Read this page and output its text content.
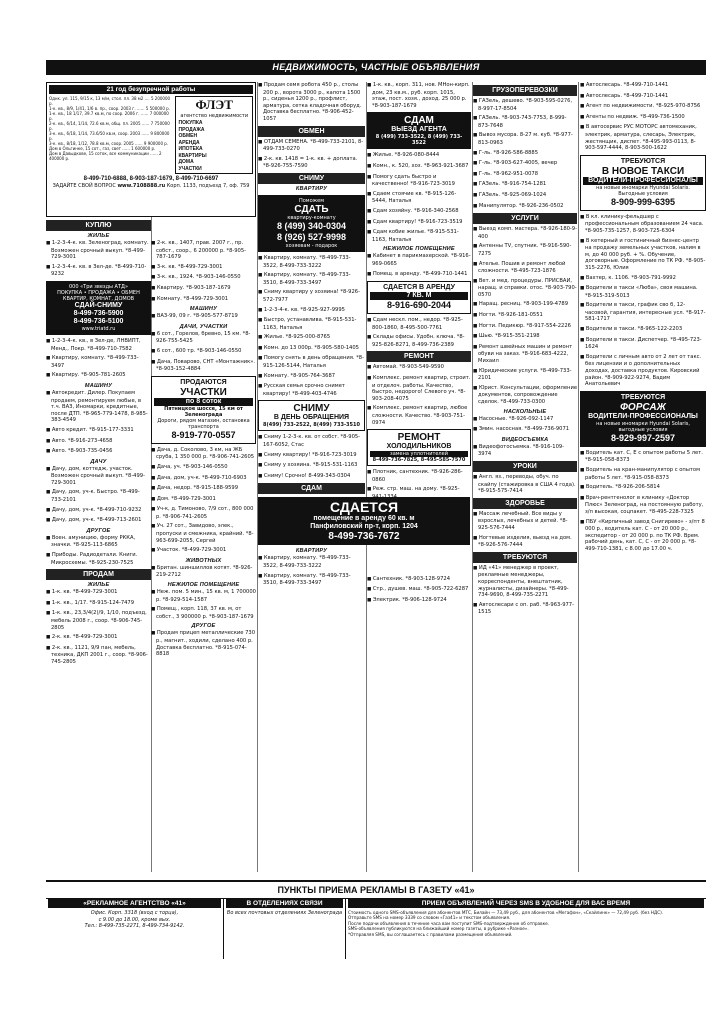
НЕДВИЖИМОСТЬ, ЧАСТНЫЕ ОБЪЯВЛЕНИЯ
21 год безупречной работы
Однк. ул. 115, 9/15 к, 13 м/м, стол. пл. 38 м2 .... 5 200000 р.
1-к. кв., 8/9, 1/41, 1/6 в. пр., соор. 2003 г. ...... 5 500000 р.
1-к. кв., 18 1/17, 39.7 кв.м, по соор. 2006 г. ...... 7 000000 р.
2-к. кв., 6/14, 1/14, 72.6 кв.м, общ. пл. 2005 ...... 7 750000 р.
3-к. кв., 6/18, 1/14, 73.6/50 кв.м, соор. 2003 ...... 9 800000 р.
3-к. кв., 8/18, 1/12, 78.8 кв.м, соор. 2005 ...... 9 900000 р.
Дом в Ольгинке, 15 сот., газ, свет ...... 1 600000 р.
Дом в Давыдкове, 15 соток, все коммуникации ...... 2 400000 р.
ФЛЭТ
агентство недвижимости
ПОКУПКА
ПРОДАЖА
ОБМЕН
АРЕНДА
ИПОТЕКА
КВАРТИРЫ
ДОМА
УЧАСТКИ
8-499-710-6888, 8-903-187-1679, 8-499-710-6697
ЗАДАЙТЕ СВОЙ ВОПРОС www.7108888.ru Корп. 1133, подъезд 7, оф. 759
КУПЛЮ
ЖИЛЬЕ
■ 1-2-3-4-к. кв. Зеленоград, комнату. Возможен срочный выкуп. *8-499-729-3001
■ 1-2-3-4-к. кв. в Зел-де. *8-499-710-9232
000 «Три звезды АТД»
ПОКУПКА • ПРОДАЖА • ОБМЕН КВАРТИР, КОМНАТ, ДОМОВ
СДАЙ-СНИМУ
8-499-736-5900
8-499-736-5100
www.triatd.ru
■ 1-2-3-4-к. кв., в Зел-де, ЛНВИПТ, Менд., Покр. *8-499-710-7582
■ Квартиру, комнату. *8-499-733-3497
■ Квартиру. *8-905-781-2605
МАШИНУ
■ Автокредит. Дилер. Покупаем продаем, ремонтируем любые, в т.ч. ВАЗ, Иномарки, кредитные, после ДТП. *8-965-779-1478, 8-985-383-4549
■ Авто кредит. *8-915-177-3331
■ Авто. *8-916-273-4658
■ Авто. *8-903-735-0456
ДАЧУ
■ Дачу, дом, коттедж, участок. Возможен срочный выкуп. *8-499-729-3001
■ Дачу, дом, уч-к. Быстро. *8-499-733-2101
■ Дачу, дом, уч-к. *8-499-710-9232
■ Дачу, дом, уч-к. *8-499-713-2601
ДРУГОЕ
■ Воен. амуницию, форму РККА, значки. *8-925-113-6865
■ Прибоды. Радиодетали. Книги. Микросхемы. *8-925-230-7525
ПРОДАМ
ЖИЛЬЕ
■ 1-к. кв. *8-499-729-3001
■ 1-к. кв., 1/17. *8-915-124-7479
■ 1-к. кв., 23,3/4(2)/9, 1/10, подъезд, мебель 2008 г., соор. *8-906-745-2805
■ 2-к. кв. *8-499-729-3001
■ 2-к. кв., 1121, 9/9 пан, мебель, техника, ДКП 2001 г., соор. *8-906-745-2805
■ 2-к. кв., 1407, прав. 2007 г., пр. собст., соор., 6 200000 р. *8-905-787-1679
■ 3-к. кв. *8-499-729-3001
■ 3-к. кв., 1924. *8-903-146-0550
■ Квартиру. *8-903-187-1679
■ Комнату. *8-499-729-3001
МАШИНУ
■ ВАЗ-99, 09 г. *8-905-577-8719
ДАЧИ, УЧАСТКИ
■ 6 сот., Горелов, бревно, 15 км. *8-926-755-5425
■ 6 сот., 600 тр. *8-903-146-0550
■ Дача, Поварово, СНТ «Монтажник». *8-903-152-4884
ПРОДАЮТСЯ
УЧАСТКИ
по 8 соток
Пятницкое шоссе, 15 км от Зеленограда
Дороги, рядом магазин, остановка транспорта
8-919-770-0557
■ Дача, д. Соколово, 3 км, на ЖБ сруба, 1 350 000 р. *8-906-741-2605
■ Дача, уч. *8-903-146-0550
■ Дача, дом, уч-к. *8-499-710-6903
■ Дача, недор. *8-915-188-9599
■ Дом. *8-499-729-3001
■ Уч-к, д. Тимоново, 7/9 сот., 800 000 р. *8-906-741-2605
■ Уч. 27 сот., Завидово, элек., пропуски и смежника, крайний. *8-963-699-2055, Сергей
■ Участок. *8-499-729-3001
ЖИВОТНЫХ
■ Британ. шиншиллов котят. *8-926-219-2712
НЕЖИЛОЕ ПОМЕЩЕНИЕ
■ Неж. пом. 5 мин., 15 кв. м, 1 700000 р. *8-929-514-1587
■ Помещ., корп. 118, 37 кв. м, от собст., 3 900000 р. *8-903-187-1679
ДРУГОЕ
■ Продам прицеп металлические 730 р., магнит., ходили, сделано 400 р. Доставка бесплатно. *8-915-074-8818
■ Продам семя робота 450 р., столы 200 р., ворота 3000 р., капота 1500 р., сиденья 1200 р., профлист, арматура, сетка кладочная оборуд. Доставка бесплатно. *8-906-452-1057
ОБМЕН
■ ОТДАМ СЕМЕНА. *8-499-733-2101, 8-499-733-0270
■ 2-к. кв. 1418 = 1-к. кв. + доплата. *8-926-755-7590
СНИМУ
КВАРТИРУ
Поможем
СДАТЬ
квартиру-комнату
8 (499) 340-0304
8 (926) 527-9998
хозяевам - подарок
■ Квартиру, комнату. *8-499-733-3522, 8-499-733-3222
■ Квартиру, комнату. *8-499-733-3510, 8-499-733-3497
■ Сниму квартиру у хозяина! *8-926-572-7977
■ 1-2-3-4-к. кв. *8-925-927-9995
■ Быстро, устанавлива. *8-915-531-1163, Наталья
■ Жилье. *8-925-000-8765
■ Комн. до 13 000р. *8-905-580-1405
■ Помогу снять в день обращения. *8-915-126-5144, Наталья
■ Комнату. *8-905-764-3687
■ Русская семья срочно снимет квартиру! *8-499-403-4746
СНИМУ
В ДЕНЬ ОБРАЩЕНИЯ
8(499) 733-2522, 8(499) 733-3510
■ Сниму 1-2-3-к. кв. от собст. *8-905-167-6052, Стас
■ Сниму квартиру! *8-916-723-3019
■ Сниму у хозяина. *8-915-531-1163
■ Сниму! Срочно! 8-499-343-0304
СДАМ
СДАЕТСЯ
помещение в аренду 60 кв. м
Панфиловский пр-т, корп. 1204
8-499-736-7672
КВАРТИРУ
■ Квартиру, комнату. *8-499-733-3522, 8-499-733-3222
■ Квартиру, комнату. *8-499-733-3510, 8-499-733-3497
■ 1-к. кв., корп. 311, нов. МНон-кирп. дом, 23 кв.м., руб. корп. 1015, этаж, пост. хозя., доход. 25 000 р. *8-903-187-1679
СДАМ
ВЫЕЗД АГЕНТА
8 (499) 733-3522, 8 (499) 733-3522
■ Жилье. *8-926-080-8444
■ Комн., к. 520, хоз. *8-963-921-3687
■ Помогу сдать быстро и качественно! *8-916-723-3019
■ Сдаем стоячие кв. *8-915-126-5444, Наталья
■ Сдам хозяйну. *8-916-340-2568
■ Сдам квартиру! *8-916-723-3519
■ Сдам кобие жилье. *8-915-531-1163, Наталья
НЕЖИЛОЕ ПОМЕЩЕНИЕ
■ Кабинет в парикмахерской. *8-916-969-0665
■ Помещ. в аренду. *8-499-710-1441
СДАЕТСЯ В АРЕНДУ
7 КВ. М
8-916-690-2044
■ Сдам нескл. пом., недор. *8-925-800-1860, 8-495-500-7761
■ Склады офисы. Удобн. ключа. *8-925-826-8271, 8-499-736-2389
РЕМОНТ
■ Автомай. *8-903-549-9590
■ Комплекс. ремонт квартир, строит. и отделоч. работы. Качество, быстро, недорого! Слевого уч. *8-903-208-4075
■ Комплекс. ремонт квартир, любое сложности. Качество. *8-903-751-0974
РЕМОНТ
ХОЛОДИЛЬНИКОВ
замена уплотнителей
8-499-736-7825, 8-495-585-7570
■ Плотник, сантехник. *8-926-286-0860
■ Реж. стр. маш. на дому. *8-925-941-1334
■ Сантехник. *8-903-128-9724
■ Стр., душев. маш. *8-905-722-6287
■ Электрик. *8-906-128-9724
ГРУЗОПЕРЕВОЗКИ
■ ГАЗель, дешево. *8-903-595-0276, 8-997-17-8504
■ ГАЗель. *8-903-743-7753, 8-999-873-7648
■ Вывоз мусора. 8-27 м. куб. *8-977-813-0963
■ Г-ль. *8-926-586-8885
■ Г-ль. *8-903-627-4005, вечер
■ Г-ль. *8-962-951-0078
■ ГАЗель. *8-916-754-1281
■ ГАЗель. *8-925-069-1024
■ Манипулятор. *8-926-236-0502
УСЛУГИ
■ Выезд комп. мастера. *8-926-180-9-400
■ Антенны TV, спутник. *8-916-590-7275
■ Ателье. Пошив и ремонт любой сложности. *8-495-723-1876
■ Вет. и мед. процедуры. ПРИСВАИ, наращ. и справки. отос. *8-903-790-0570
■ Наращ. ресниц. *8-903-199-4789
■ Ногти. *8-926-181-0551
■ Ногти. Педикюр. *8-917-554-2226
■ Шью. *8-915-351-2198
■ Ремонт швейных машин и ремонт обуви на заказ. *8-916-683-4222, Михаил
■ Юридические услуги. *8-499-733-2101
■ Юрист. Консультации, оформление документов, сопровождение сделок. *8-499-733-0300
НАСКОЛЬНЫЕ
■ Насосные. *8-926-092-1147
■ Змин. насосная. *8-499-736-9071
ВИДЕОСЪЕМКА
■ Видеофотосъемка. *8-916-109-3974
УРОКИ
■ Англ. яз., переводы, обуч. по скайпу (стажировка в США 4 года). *8-915-575-7414
ЗДОРОВЬЕ
■ Массаж лечебный. Все виды у взрослых, лечебных и детей. *8-925-576-7444
■ Ногтевые изделия, выезд на дом. *8-926-576-7444
ТРЕБУЮТСЯ
■ ИД «41» менеджер в проект, рекламные менеджеры, корреспонденты, внештатник, журналисты, дизайнеры. *8-499-734-9690, 8-499-735-2271
■ Автослесари с оп. раб. *8-963-977-1515
■ Автослесарь. *8-499-710-1441
■ Автослесарь. *8-499-710-1441
■ Агент по недвижимости. *8-925-970-8756
■ Агенты по недвиж. *8-499-736-1500
■ В автосервис РУС МОТОРС автомеханик, электрик, арматура, слесарь, Электрик, жестянщик, диспет. *8-495-993-0113, 8-903-597-4444, 8-903-500-1622
ТРЕБУЮТСЯ
В НОВОЕ ТАКСИ
ВОДИТЕЛИ-ПРОФЕССИОНАЛЫ
на новые иномарки Hyundai Solaris. Выгодные условия
8-909-999-6395
■ В кл. клинику-фельдшер с профессиональным образованием 24 часа. *8-905-735-1257, 8-903-725-6304
■ В кетерный и гостиничный бизнес-центр на продажу земельных участков, налим в м, до 40 000 руб. + %. Обучение, договорные. Оформление по ТК РФ. *8-905-315-2276, Юлия
■ Вахтер, к. 1106. *8-903-791-9992
■ Водители в такси «Люба», своя машина. *8-915-319-5013
■ Водители в такси, график сво б, 12-часовой, гарантия, интересные усл. *8-917-581-1717
■ Водители в такси. *8-965-122-2203
■ Водители в такси. Диспетчер. *8-495-723-1624
■ Водители с личным авто от 2 лет от такс. без лицензии и о дополнительных доходах, доставка продуктов. Кировский район. *8-909-922-9274, Вадим Анатольевич
ТРЕБУЮТСЯ
ФОРСАЖ
ВОДИТЕЛИ-ПРОФЕССИОНАЛЫ
на новые иномарки Hyundai Solaris, выгодные условия
8-929-997-2597
■ Водитель кат. С, Е с опытом работы 5 лет. *8-915-058-8373
■ Водитель на кран-манипулятор с опытом работы 5 лет. *8-915-058-8373
■ Водитель. *8-926-206-5814
■ Врач-рентгенолог в клинику «Доктор Плюс» Зеленоград, на постоянную работу, з/п высокая, соцпакет. *8-495-228-7325
■ ПБУ «Кирпичный завод Снигирево» - з/пт 8 000 р., водитель кат. С - от 20 000 р., экспедитор - от 20 000 р. по ТК РФ. Врем. рабочий день, кат. С, С - от 20 000 р. *8-499-710-1381, с 8.00 до 17.00 ч.
ПУНКТЫ ПРИЕМА РЕКЛАМЫ В ГАЗЕТУ «41»
«РЕКЛАМНОЕ АГЕНТСТВО «41»
Офис. Корп. 3318 (вход с торца),
с 9.00 до 18.00, кроме вых.
Тел.: 8-499-735-2271, 8-499-734-9142.
В ОТДЕЛЕНИЯХ СВЯЗИ
Во всех почтовых отделениях Зеленограда
ПРИЕМ ОБЪЯВЛЕНИЙ ЧЕРЕЗ SMS В УДОБНОЕ ДЛЯ ВАС ВРЕМЯ
Стоимость одного SMS-объявления для абонентов МТС, Билайн — 73,49 руб., для абонентов «Мегафон», «Скайлинк» — 72,49 руб. (без НДС).
Отправьте SMS на номер 3339 со словом «Газ41» и текстом объявления.
После подачи объявления в течение часа вам поступит SMS-подтверждение об отправке.
SMS-объявления публикуются на ближайший номер газеты, в рубрике «Разное».
*Отправляя SMS, вы соглашаетесь с правилами размещения объявлений.
